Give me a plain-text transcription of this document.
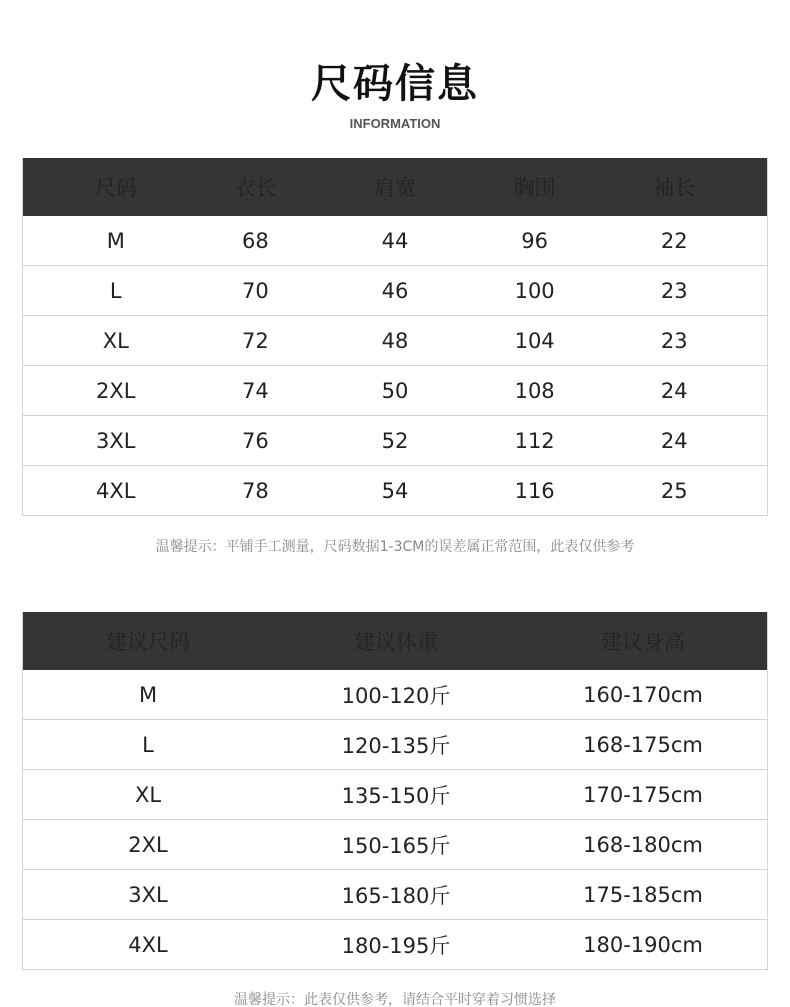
尺码信息
INFORMATION
尺码	衣长	肩宽	胸围	袖长
M	68	44	96	22
L	70	46	100	23
XL	72	48	104	23
2XL	74	50	108	24
3XL	76	52	112	24
4XL	78	54	116	25
温馨提示：平铺手工测量，尺码数据1-3CM的误差属正常范围，此表仅供参考
建议尺码	建议体重	建议身高
M	100-120斤	160-170cm
L	120-135斤	168-175cm
XL	135-150斤	170-175cm
2XL	150-165斤	168-180cm
3XL	165-180斤	175-185cm
4XL	180-195斤	180-190cm
温馨提示：此表仅供参考，请结合平时穿着习惯选择
